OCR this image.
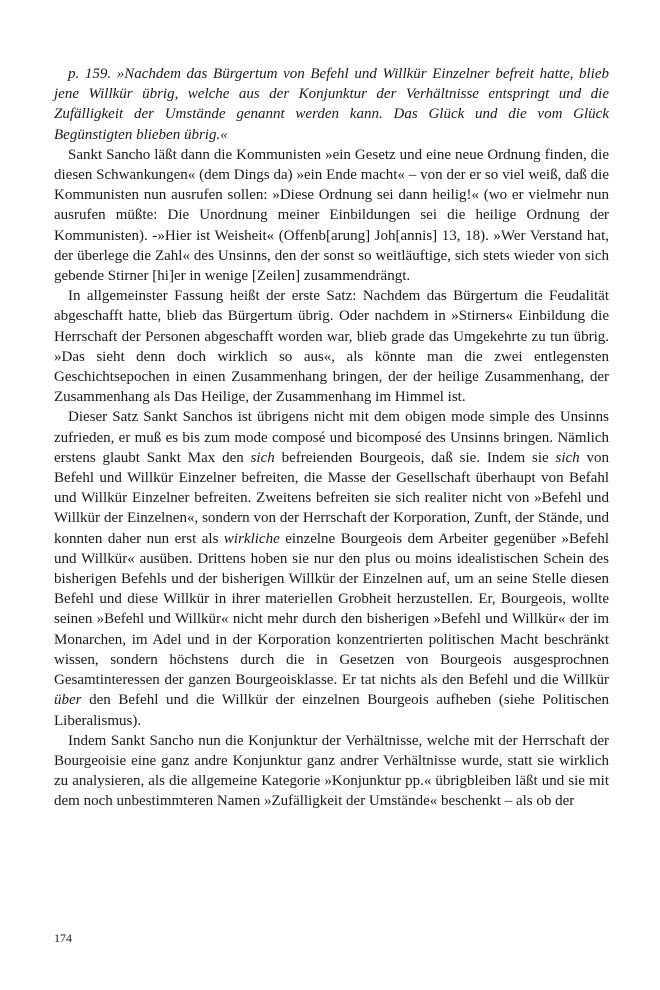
p. 159. »Nachdem das Bürgertum von Befehl und Willkür Einzelner befreit hatte, blieb jene Willkür übrig, welche aus der Konjunktur der Verhältnisse entspringt und die Zufälligkeit der Umstände genannt werden kann. Das Glück und die vom Glück Begünstigten blieben übrig.«

Sankt Sancho läßt dann die Kommunisten »ein Gesetz und eine neue Ordnung finden, die diesen Schwankungen« (dem Dings da) »ein Ende macht« – von der er so viel weiß, daß die Kommunisten nun ausrufen sollen: »Diese Ordnung sei dann heilig!« (wo er vielmehr nun ausrufen müßte: Die Unordnung meiner Einbildungen sei die heilige Ordnung der Kommunisten). -»Hier ist Weisheit« (Offenb[arung] Joh[annis] 13, 18). »Wer Verstand hat, der überlege die Zahl« des Unsinns, den der sonst so weitläuftige, sich stets wieder von sich gebende Stirner [hi]er in wenige [Zeilen] zusammendrängt.

In allgemeinster Fassung heißt der erste Satz: Nachdem das Bürgertum die Feudalität abgeschafft hatte, blieb das Bürgertum übrig. Oder nachdem in »Stirners« Einbildung die Herrschaft der Personen abgeschafft worden war, blieb grade das Umgekehrte zu tun übrig. »Das sieht denn doch wirklich so aus«, als könnte man die zwei entlegensten Geschichtsepochen in einen Zusammenhang bringen, der der heilige Zusammenhang, der Zusammenhang als Das Heilige, der Zusammenhang im Himmel ist.

Dieser Satz Sankt Sanchos ist übrigens nicht mit dem obigen mode simple des Unsinns zufrieden, er muß es bis zum mode composé und bicomposé des Unsinns bringen. Nämlich erstens glaubt Sankt Max den sich befreienden Bourgeois, daß sie. Indem sie sich von Befehl und Willkür Einzelner befreiten, die Masse der Gesellschaft überhaupt von Befahl und Willkür Einzelner befreiten. Zweitens befreiten sie sich realiter nicht von »Befehl und Willkür der Einzelnen«, sondern von der Herrschaft der Korporation, Zunft, der Stände, und konnten daher nun erst als wirkliche einzelne Bourgeois dem Arbeiter gegenüber »Befehl und Willkür« ausüben. Drittens hoben sie nur den plus ou moins idealistischen Schein des bisherigen Befehls und der bisherigen Willkür der Einzelnen auf, um an seine Stelle diesen Befehl und diese Willkür in ihrer materiellen Grobheit herzustellen. Er, Bourgeois, wollte seinen »Befehl und Willkür« nicht mehr durch den bisherigen »Befehl und Willkür« der im Monarchen, im Adel und in der Korporation konzentrierten politischen Macht beschränkt wissen, sondern höchstens durch die in Gesetzen von Bourgeois ausgesprochnen Gesamtinteressen der ganzen Bourgeoisklasse. Er tat nichts als den Befehl und die Willkür über den Befehl und die Willkür der einzelnen Bourgeois aufheben (siehe Politischen Liberalismus).

Indem Sankt Sancho nun die Konjunktur der Verhältnisse, welche mit der Herrschaft der Bourgeoisie eine ganz andre Konjunktur ganz andrer Verhältnisse wurde, statt sie wirklich zu analysieren, als die allgemeine Kategorie »Konjunktur pp.« übrigbleiben läßt und sie mit dem noch unbestimmteren Namen »Zufälligkeit der Umstände« beschenkt – als ob der

174
